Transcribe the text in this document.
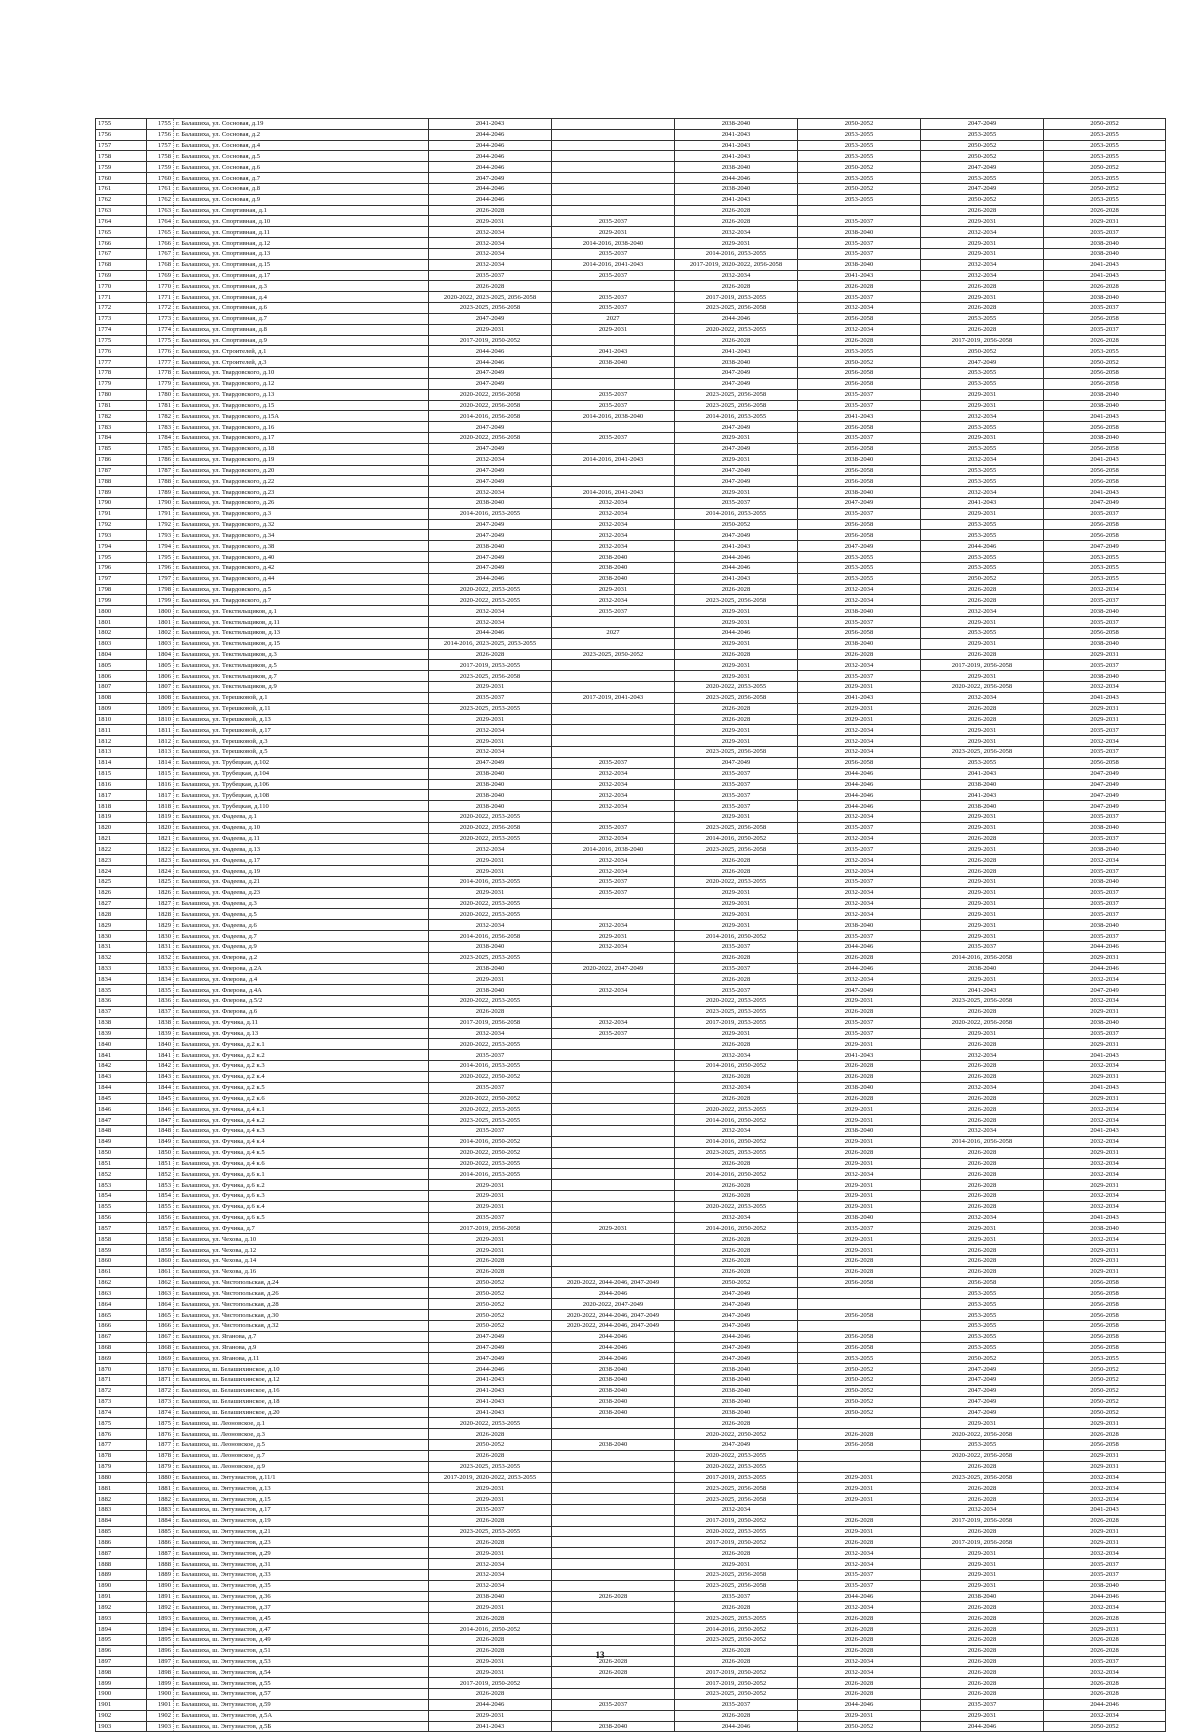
1755	1755	г. Балашиха, ул. Сосновая, д.19	2041-2043		2038-2040	2050-2052	2047-2049	2050-2052
1756	1756	г. Балашиха, ул. Сосновая, д.2	2044-2046		2041-2043	2053-2055	2053-2055	2053-2055
1757	1757	г. Балашиха, ул. Сосновая, д.4	2044-2046		2041-2043	2053-2055	2050-2052	2053-2055
1758	1758	г. Балашиха, ул. Сосновая, д.5	2044-2046		2041-2043	2053-2055	2050-2052	2053-2055
1759	1759	г. Балашиха, ул. Сосновая, д.6	2044-2046		2038-2040	2050-2052	2047-2049	2050-2052
1760	1760	г. Балашиха, ул. Сосновая, д.7	2047-2049		2044-2046	2053-2055	2053-2055	2053-2055
1761	1761	г. Балашиха, ул. Сосновая, д.8	2044-2046		2038-2040	2050-2052	2047-2049	2050-2052
1762	1762	г. Балашиха, ул. Сосновая, д.9	2044-2046		2041-2043	2053-2055	2050-2052	2053-2055
1763	1763	г. Балашиха, ул. Спортивная, д.1	2026-2028		2026-2028		2026-2028	2026-2028
1764	1764	г. Балашиха, ул. Спортивная, д.10	2029-2031	2035-2037	2026-2028	2035-2037	2029-2031	2029-2031
1765	1765	г. Балашиха, ул. Спортивная, д.11	2032-2034	2029-2031	2032-2034	2038-2040	2032-2034	2035-2037
1766	1766	г. Балашиха, ул. Спортивная, д.12	2032-2034	2014-2016, 2038-2040	2029-2031	2035-2037	2029-2031	2038-2040
1767	1767	г. Балашиха, ул. Спортивная, д.13	2032-2034	2035-2037	2014-2016, 2053-2055	2035-2037	2029-2031	2038-2040
1768	1768	г. Балашиха, ул. Спортивная, д.15	2032-2034	2014-2016, 2041-2043	2017-2019, 2020-2022, 2056-2058	2038-2040	2032-2034	2041-2043
1769	1769	г. Балашиха, ул. Спортивная, д.17	2035-2037	2035-2037	2032-2034	2041-2043	2032-2034	2041-2043
1770	1770	г. Балашиха, ул. Спортивная, д.3	2026-2028		2026-2028	2026-2028	2026-2028	2026-2028
1771	1771	г. Балашиха, ул. Спортивная, д.4	2020-2022, 2023-2025, 2056-2058	2035-2037	2017-2019, 2053-2055	2035-2037	2029-2031	2038-2040
1772	1772	г. Балашиха, ул. Спортивная, д.6	2023-2025, 2056-2058	2035-2037	2023-2025, 2056-2058	2032-2034	2026-2028	2035-2037
1773	1773	г. Балашиха, ул. Спортивная, д.7	2047-2049	2027	2044-2046	2056-2058	2053-2055	2056-2058
1774	1774	г. Балашиха, ул. Спортивная, д.8	2029-2031	2029-2031	2020-2022, 2053-2055	2032-2034	2026-2028	2035-2037
1775	1775	г. Балашиха, ул. Спортивная, д.9	2017-2019, 2050-2052		2026-2028	2026-2028	2017-2019, 2056-2058	2026-2028
1776	1776	г. Балашиха, ул. Строителей, д.1	2044-2046	2041-2043	2041-2043	2053-2055	2050-2052	2053-2055
1777	1777	г. Балашиха, ул. Строителей, д.3	2044-2046	2038-2040	2038-2040	2050-2052	2047-2049	2050-2052
1778	1778	г. Балашиха, ул. Твардовского, д.10	2047-2049		2047-2049	2056-2058	2053-2055	2056-2058
1779	1779	г. Балашиха, ул. Твардовского, д.12	2047-2049		2047-2049	2056-2058	2053-2055	2056-2058
1780	1780	г. Балашиха, ул. Твардовского, д.13	2020-2022, 2056-2058	2035-2037	2023-2025, 2056-2058	2035-2037	2029-2031	2038-2040
1781	1781	г. Балашиха, ул. Твардовского, д.15	2020-2022, 2056-2058	2035-2037	2023-2025, 2056-2058	2035-2037	2029-2031	2038-2040
1782	1782	г. Балашиха, ул. Твардовского, д.15А	2014-2016, 2056-2058	2014-2016, 2038-2040	2014-2016, 2053-2055	2041-2043	2032-2034	2041-2043
1783	1783	г. Балашиха, ул. Твардовского, д.16	2047-2049		2047-2049	2056-2058	2053-2055	2056-2058
1784	1784	г. Балашиха, ул. Твардовского, д.17	2020-2022, 2056-2058	2035-2037	2029-2031	2035-2037	2029-2031	2038-2040
1785	1785	г. Балашиха, ул. Твардовского, д.18	2047-2049		2047-2049	2056-2058	2053-2055	2056-2058
1786	1786	г. Балашиха, ул. Твардовского, д.19	2032-2034	2014-2016, 2041-2043	2029-2031	2038-2040	2032-2034	2041-2043
1787	1787	г. Балашиха, ул. Твардовского, д.20	2047-2049		2047-2049	2056-2058	2053-2055	2056-2058
1788	1788	г. Балашиха, ул. Твардовского, д.22	2047-2049		2047-2049	2056-2058	2053-2055	2056-2058
1789	1789	г. Балашиха, ул. Твардовского, д.23	2032-2034	2014-2016, 2041-2043	2029-2031	2038-2040	2032-2034	2041-2043
1790	1790	г. Балашиха, ул. Твардовского, д.26	2038-2040	2032-2034	2035-2037	2047-2049	2041-2043	2047-2049
1791	1791	г. Балашиха, ул. Твардовского, д.3	2014-2016, 2053-2055	2032-2034	2014-2016, 2053-2055	2035-2037	2029-2031	2035-2037
1792	1792	г. Балашиха, ул. Твардовского, д.32	2047-2049	2032-2034	2050-2052	2056-2058	2053-2055	2056-2058
1793	1793	г. Балашиха, ул. Твардовского, д.34	2047-2049	2032-2034	2047-2049	2056-2058	2053-2055	2056-2058
1794	1794	г. Балашиха, ул. Твардовского, д.38	2038-2040	2032-2034	2041-2043	2047-2049	2044-2046	2047-2049
1795	1795	г. Балашиха, ул. Твардовского, д.40	2047-2049	2038-2040	2044-2046	2053-2055	2053-2055	2053-2055
1796	1796	г. Балашиха, ул. Твардовского, д.42	2047-2049	2038-2040	2044-2046	2053-2055	2053-2055	2053-2055
1797	1797	г. Балашиха, ул. Твардовского, д.44	2044-2046	2038-2040	2041-2043	2053-2055	2050-2052	2053-2055
1798	1798	г. Балашиха, ул. Твардовского, д.5	2020-2022, 2053-2055	2029-2031	2026-2028	2032-2034	2026-2028	2032-2034
1799	1799	г. Балашиха, ул. Твардовского, д.7	2020-2022, 2053-2055	2032-2034	2023-2025, 2056-2058	2032-2034	2026-2028	2035-2037
1800	1800	г. Балашиха, ул. Текстильщиков, д.1	2032-2034	2035-2037	2029-2031	2038-2040	2032-2034	2038-2040
1801	1801	г. Балашиха, ул. Текстильщиков, д.11	2032-2034		2029-2031	2035-2037	2029-2031	2035-2037
1802	1802	г. Балашиха, ул. Текстильщиков, д.13	2044-2046	2027	2044-2046	2056-2058	2053-2055	2056-2058
1803	1803	г. Балашиха, ул. Текстильщиков, д.15	2014-2016, 2023-2025, 2053-2055		2029-2031	2038-2040	2029-2031	2038-2040
1804	1804	г. Балашиха, ул. Текстильщиков, д.3	2026-2028	2023-2025, 2050-2052	2026-2028	2026-2028	2026-2028	2029-2031
1805	1805	г. Балашиха, ул. Текстильщиков, д.5	2017-2019, 2053-2055		2029-2031	2032-2034	2017-2019, 2056-2058	2035-2037
1806	1806	г. Балашиха, ул. Текстильщиков, д.7	2023-2025, 2056-2058		2029-2031	2035-2037	2029-2031	2038-2040
1807	1807	г. Балашиха, ул. Текстильщиков, д.9	2029-2031		2020-2022, 2053-2055	2029-2031	2020-2022, 2056-2058	2032-2034
1808	1808	г. Балашиха, ул. Терешковой, д.1	2035-2037	2017-2019, 2041-2043	2023-2025, 2056-2058	2041-2043	2032-2034	2041-2043
1809	1809	г. Балашиха, ул. Терешковой, д.11	2023-2025, 2053-2055		2026-2028	2029-2031	2026-2028	2029-2031
1810	1810	г. Балашиха, ул. Терешковой, д.13	2029-2031		2026-2028	2029-2031	2026-2028	2029-2031
1811	1811	г. Балашиха, ул. Терешковой, д.17	2032-2034		2029-2031	2032-2034	2029-2031	2035-2037
1812	1812	г. Балашиха, ул. Терешковой, д.3	2029-2031		2029-2031	2032-2034	2029-2031	2032-2034
1813	1813	г. Балашиха, ул. Терешковой, д.5	2032-2034		2023-2025, 2056-2058	2032-2034	2023-2025, 2056-2058	2035-2037
1814	1814	г. Балашиха, ул. Трубецкая, д.102	2047-2049	2035-2037	2047-2049	2056-2058	2053-2055	2056-2058
1815	1815	г. Балашиха, ул. Трубецкая, д.104	2038-2040	2032-2034	2035-2037	2044-2046	2041-2043	2047-2049
1816	1816	г. Балашиха, ул. Трубецкая, д.106	2038-2040	2032-2034	2035-2037	2044-2046	2038-2040	2047-2049
1817	1817	г. Балашиха, ул. Трубецкая, д.108	2038-2040	2032-2034	2035-2037	2044-2046	2041-2043	2047-2049
1818	1818	г. Балашиха, ул. Трубецкая, д.110	2038-2040	2032-2034	2035-2037	2044-2046	2038-2040	2047-2049
1819	1819	г. Балашиха, ул. Фадеева, д.1	2020-2022, 2053-2055		2029-2031	2032-2034	2029-2031	2035-2037
1820	1820	г. Балашиха, ул. Фадеева, д.10	2020-2022, 2056-2058	2035-2037	2023-2025, 2056-2058	2035-2037	2029-2031	2038-2040
1821	1821	г. Балашиха, ул. Фадеева, д.11	2020-2022, 2053-2055	2032-2034	2014-2016, 2050-2052	2032-2034	2026-2028	2035-2037
1822	1822	г. Балашиха, ул. Фадеева, д.13	2032-2034	2014-2016, 2038-2040	2023-2025, 2056-2058	2035-2037	2029-2031	2038-2040
1823	1823	г. Балашиха, ул. Фадеева, д.17	2029-2031	2032-2034	2026-2028	2032-2034	2026-2028	2032-2034
1824	1824	г. Балашиха, ул. Фадеева, д.19	2029-2031	2032-2034	2026-2028	2032-2034	2026-2028	2035-2037
1825	1825	г. Балашиха, ул. Фадеева, д.21	2014-2016, 2053-2055	2035-2037	2020-2022, 2053-2055	2035-2037	2029-2031	2038-2040
1826	1826	г. Балашиха, ул. Фадеева, д.23	2029-2031	2035-2037	2029-2031	2032-2034	2029-2031	2035-2037
1827	1827	г. Балашиха, ул. Фадеева, д.3	2020-2022, 2053-2055		2029-2031	2032-2034	2029-2031	2035-2037
1828	1828	г. Балашиха, ул. Фадеева, д.5	2020-2022, 2053-2055		2029-2031	2032-2034	2029-2031	2035-2037
1829	1829	г. Балашиха, ул. Фадеева, д.6	2032-2034	2032-2034	2029-2031	2038-2040	2029-2031	2038-2040
1830	1830	г. Балашиха, ул. Фадеева, д.7	2014-2016, 2056-2058	2029-2031	2014-2016, 2050-2052	2035-2037	2029-2031	2035-2037
1831	1831	г. Балашиха, ул. Фадеева, д.9	2038-2040	2032-2034	2035-2037	2044-2046	2035-2037	2044-2046
1832	1832	г. Балашиха, ул. Флерова, д.2	2023-2025, 2053-2055		2026-2028	2026-2028	2014-2016, 2056-2058	2029-2031
1833	1833	г. Балашиха, ул. Флерова, д.2А	2038-2040	2020-2022, 2047-2049	2035-2037	2044-2046	2038-2040	2044-2046
1834	1834	г. Балашиха, ул. Флерова, д.4	2029-2031		2026-2028	2032-2034	2029-2031	2032-2034
1835	1835	г. Балашиха, ул. Флерова, д.4А	2038-2040	2032-2034	2035-2037	2047-2049	2041-2043	2047-2049
1836	1836	г. Балашиха, ул. Флерова, д.5/2	2020-2022, 2053-2055		2020-2022, 2053-2055	2029-2031	2023-2025, 2056-2058	2032-2034
1837	1837	г. Балашиха, ул. Флерова, д.6	2026-2028		2023-2025, 2053-2055	2026-2028	2026-2028	2029-2031
1838	1838	г. Балашиха, ул. Фучика, д.11	2017-2019, 2056-2058	2032-2034	2017-2019, 2053-2055	2035-2037	2020-2022, 2056-2058	2038-2040
1839	1839	г. Балашиха, ул. Фучика, д.13	2032-2034	2035-2037	2029-2031	2035-2037	2029-2031	2035-2037
1840	1840	г. Балашиха, ул. Фучика, д.2 к.1	2020-2022, 2053-2055		2026-2028	2029-2031	2026-2028	2029-2031
1841	1841	г. Балашиха, ул. Фучика, д.2 к.2	2035-2037		2032-2034	2041-2043	2032-2034	2041-2043
1842	1842	г. Балашиха, ул. Фучика, д.2 к.3	2014-2016, 2053-2055		2014-2016, 2050-2052	2026-2028	2026-2028	2032-2034
1843	1843	г. Балашиха, ул. Фучика, д.2 к.4	2020-2022, 2050-2052		2026-2028	2026-2028	2026-2028	2029-2031
1844	1844	г. Балашиха, ул. Фучика, д.2 к.5	2035-2037		2032-2034	2038-2040	2032-2034	2041-2043
1845	1845	г. Балашиха, ул. Фучика, д.2 к.6	2020-2022, 2050-2052		2026-2028	2026-2028	2026-2028	2029-2031
1846	1846	г. Балашиха, ул. Фучика, д.4 к.1	2020-2022, 2053-2055		2020-2022, 2053-2055	2029-2031	2026-2028	2032-2034
1847	1847	г. Балашиха, ул. Фучика, д.4 к.2	2023-2025, 2053-2055		2014-2016, 2050-2052	2029-2031	2026-2028	2032-2034
1848	1848	г. Балашиха, ул. Фучика, д.4 к.3	2035-2037		2032-2034	2038-2040	2032-2034	2041-2043
1849	1849	г. Балашиха, ул. Фучика, д.4 к.4	2014-2016, 2050-2052		2014-2016, 2050-2052	2029-2031	2014-2016, 2056-2058	2032-2034
1850	1850	г. Балашиха, ул. Фучика, д.4 к.5	2020-2022, 2050-2052		2023-2025, 2053-2055	2026-2028	2026-2028	2029-2031
1851	1851	г. Балашиха, ул. Фучика, д.4 к.6	2020-2022, 2053-2055		2026-2028	2029-2031	2026-2028	2032-2034
1852	1852	г. Балашиха, ул. Фучика, д.6 к.1	2014-2016, 2053-2055		2014-2016, 2050-2052	2032-2034	2026-2028	2032-2034
1853	1853	г. Балашиха, ул. Фучика, д.6 к.2	2029-2031		2026-2028	2029-2031	2026-2028	2029-2031
1854	1854	г. Балашиха, ул. Фучика, д.6 к.3	2029-2031		2026-2028	2029-2031	2026-2028	2032-2034
1855	1855	г. Балашиха, ул. Фучика, д.6 к.4	2029-2031		2020-2022, 2053-2055	2029-2031	2026-2028	2032-2034
1856	1856	г. Балашиха, ул. Фучика, д.6 к.5	2035-2037		2032-2034	2038-2040	2032-2034	2041-2043
1857	1857	г. Балашиха, ул. Фучика, д.7	2017-2019, 2056-2058	2029-2031	2014-2016, 2050-2052	2035-2037	2029-2031	2038-2040
1858	1858	г. Балашиха, ул. Чехова, д.10	2029-2031		2026-2028	2029-2031	2029-2031	2032-2034
1859	1859	г. Балашиха, ул. Чехова, д.12	2029-2031		2026-2028	2029-2031	2026-2028	2029-2031
1860	1860	г. Балашиха, ул. Чехова, д.14	2026-2028		2026-2028	2026-2028	2026-2028	2029-2031
1861	1861	г. Балашиха, ул. Чехова, д.16	2026-2028		2026-2028	2026-2028	2026-2028	2029-2031
1862	1862	г. Балашиха, ул. Чистопольская, д.24	2050-2052	2020-2022, 2044-2046, 2047-2049	2050-2052	2056-2058	2056-2058	2056-2058
1863	1863	г. Балашиха, ул. Чистопольская, д.26	2050-2052	2044-2046	2047-2049		2053-2055	2056-2058
1864	1864	г. Балашиха, ул. Чистопольская, д.28	2050-2052	2020-2022, 2047-2049	2047-2049		2053-2055	2056-2058
1865	1865	г. Балашиха, ул. Чистопольская, д.30	2050-2052	2020-2022, 2044-2046, 2047-2049	2047-2049	2056-2058	2053-2055	2056-2058
1866	1866	г. Балашиха, ул. Чистопольская, д.32	2050-2052	2020-2022, 2044-2046, 2047-2049	2047-2049		2053-2055	2056-2058
1867	1867	г. Балашиха, ул. Яганова, д.7	2047-2049	2044-2046	2044-2046	2056-2058	2053-2055	2056-2058
1868	1868	г. Балашиха, ул. Яганова, д.9	2047-2049	2044-2046	2047-2049	2056-2058	2053-2055	2056-2058
1869	1869	г. Балашиха, ул. Яганова, д.11	2047-2049	2044-2046	2047-2049	2053-2055	2050-2052	2053-2055
1870	1870	г. Балашиха, ш. Белашихинское, д.10	2044-2046	2038-2040	2038-2040	2050-2052	2047-2049	2050-2052
1871	1871	г. Балашиха, ш. Белашихинское, д.12	2041-2043	2038-2040	2038-2040	2050-2052	2047-2049	2050-2052
1872	1872	г. Балашиха, ш. Белашихинское, д.16	2041-2043	2038-2040	2038-2040	2050-2052	2047-2049	2050-2052
1873	1873	г. Балашиха, ш. Белашихинское, д.18	2041-2043	2038-2040	2038-2040	2050-2052	2047-2049	2050-2052
1874	1874	г. Балашиха, ш. Белашихинское, д.20	2041-2043	2038-2040	2038-2040	2050-2052	2047-2049	2050-2052
1875	1875	г. Балашиха, ш. Леоновское, д.1	2020-2022, 2053-2055		2026-2028		2029-2031	2029-2031
1876	1876	г. Балашиха, ш. Леоновское, д.3	2026-2028		2020-2022, 2050-2052	2026-2028	2020-2022, 2056-2058	2026-2028
1877	1877	г. Балашиха, ш. Леоновское, д.5	2050-2052	2038-2040	2047-2049	2056-2058	2053-2055	2056-2058
1878	1878	г. Балашиха, ш. Леоновское, д.7	2026-2028		2020-2022, 2053-2055		2020-2022, 2056-2058	2029-2031
1879	1879	г. Балашиха, ш. Леоновское, д.9	2023-2025, 2053-2055		2020-2022, 2053-2055		2026-2028	2029-2031
1880	1880	г. Балашиха, ш. Энтузиастов, д.11/1	2017-2019, 2020-2022, 2053-2055		2017-2019, 2053-2055	2029-2031	2023-2025, 2056-2058	2032-2034
1881	1881	г. Балашиха, ш. Энтузиастов, д.13	2029-2031		2023-2025, 2056-2058	2029-2031	2026-2028	2032-2034
1882	1882	г. Балашиха, ш. Энтузиастов, д.15	2029-2031		2023-2025, 2056-2058	2029-2031	2026-2028	2032-2034
1883	1883	г. Балашиха, ш. Энтузиастов, д.17	2035-2037		2032-2034		2032-2034	2041-2043
1884	1884	г. Балашиха, ш. Энтузиастов, д.19	2026-2028		2017-2019, 2050-2052	2026-2028	2017-2019, 2056-2058	2026-2028
1885	1885	г. Балашиха, ш. Энтузиастов, д.21	2023-2025, 2053-2055		2020-2022, 2053-2055	2029-2031	2026-2028	2029-2031
1886	1886	г. Балашиха, ш. Энтузиастов, д.23	2026-2028		2017-2019, 2050-2052	2026-2028	2017-2019, 2056-2058	2029-2031
1887	1887	г. Балашиха, ш. Энтузиастов, д.29	2029-2031		2026-2028	2032-2034	2029-2031	2032-2034
1888	1888	г. Балашиха, ш. Энтузиастов, д.31	2032-2034		2029-2031	2032-2034	2029-2031	2035-2037
1889	1889	г. Балашиха, ш. Энтузиастов, д.33	2032-2034		2023-2025, 2056-2058	2035-2037	2029-2031	2035-2037
1890	1890	г. Балашиха, ш. Энтузиастов, д.35	2032-2034		2023-2025, 2056-2058	2035-2037	2029-2031	2038-2040
1891	1891	г. Балашиха, ш. Энтузиастов, д.36	2038-2040	2026-2028	2035-2037	2044-2046	2038-2040	2044-2046
1892	1892	г. Балашиха, ш. Энтузиастов, д.37	2029-2031		2026-2028	2032-2034	2026-2028	2032-2034
1893	1893	г. Балашиха, ш. Энтузиастов, д.45	2026-2028		2023-2025, 2053-2055	2026-2028	2026-2028	2026-2028
1894	1894	г. Балашиха, ш. Энтузиастов, д.47	2014-2016, 2050-2052		2014-2016, 2050-2052	2026-2028	2026-2028	2029-2031
1895	1895	г. Балашиха, ш. Энтузиастов, д.49	2026-2028		2023-2025, 2050-2052	2026-2028	2026-2028	2026-2028
1896	1896	г. Балашиха, ш. Энтузиастов, д.51	2026-2028		2026-2028	2026-2028	2026-2028	2026-2028
1897	1897	г. Балашиха, ш. Энтузиастов, д.53	2029-2031	2026-2028	2026-2028	2032-2034	2026-2028	2035-2037
1898	1898	г. Балашиха, ш. Энтузиастов, д.54	2029-2031	2026-2028	2017-2019, 2050-2052	2032-2034	2026-2028	2032-2034
1899	1899	г. Балашиха, ш. Энтузиастов, д.55	2017-2019, 2050-2052		2017-2019, 2050-2052	2026-2028	2026-2028	2026-2028
1900	1900	г. Балашиха, ш. Энтузиастов, д.57	2026-2028		2023-2025, 2050-2052	2026-2028	2026-2028	2026-2028
1901	1901	г. Балашиха, ш. Энтузиастов, д.59	2044-2046	2035-2037	2035-2037	2044-2046	2035-2037	2044-2046
1902	1902	г. Балашиха, ш. Энтузиастов, д.5А	2029-2031		2026-2028	2029-2031	2029-2031	2032-2034
1903	1903	г. Балашиха, ш. Энтузиастов, д.5Б	2041-2043	2038-2040	2044-2046	2050-2052	2044-2046	2050-2052
13
